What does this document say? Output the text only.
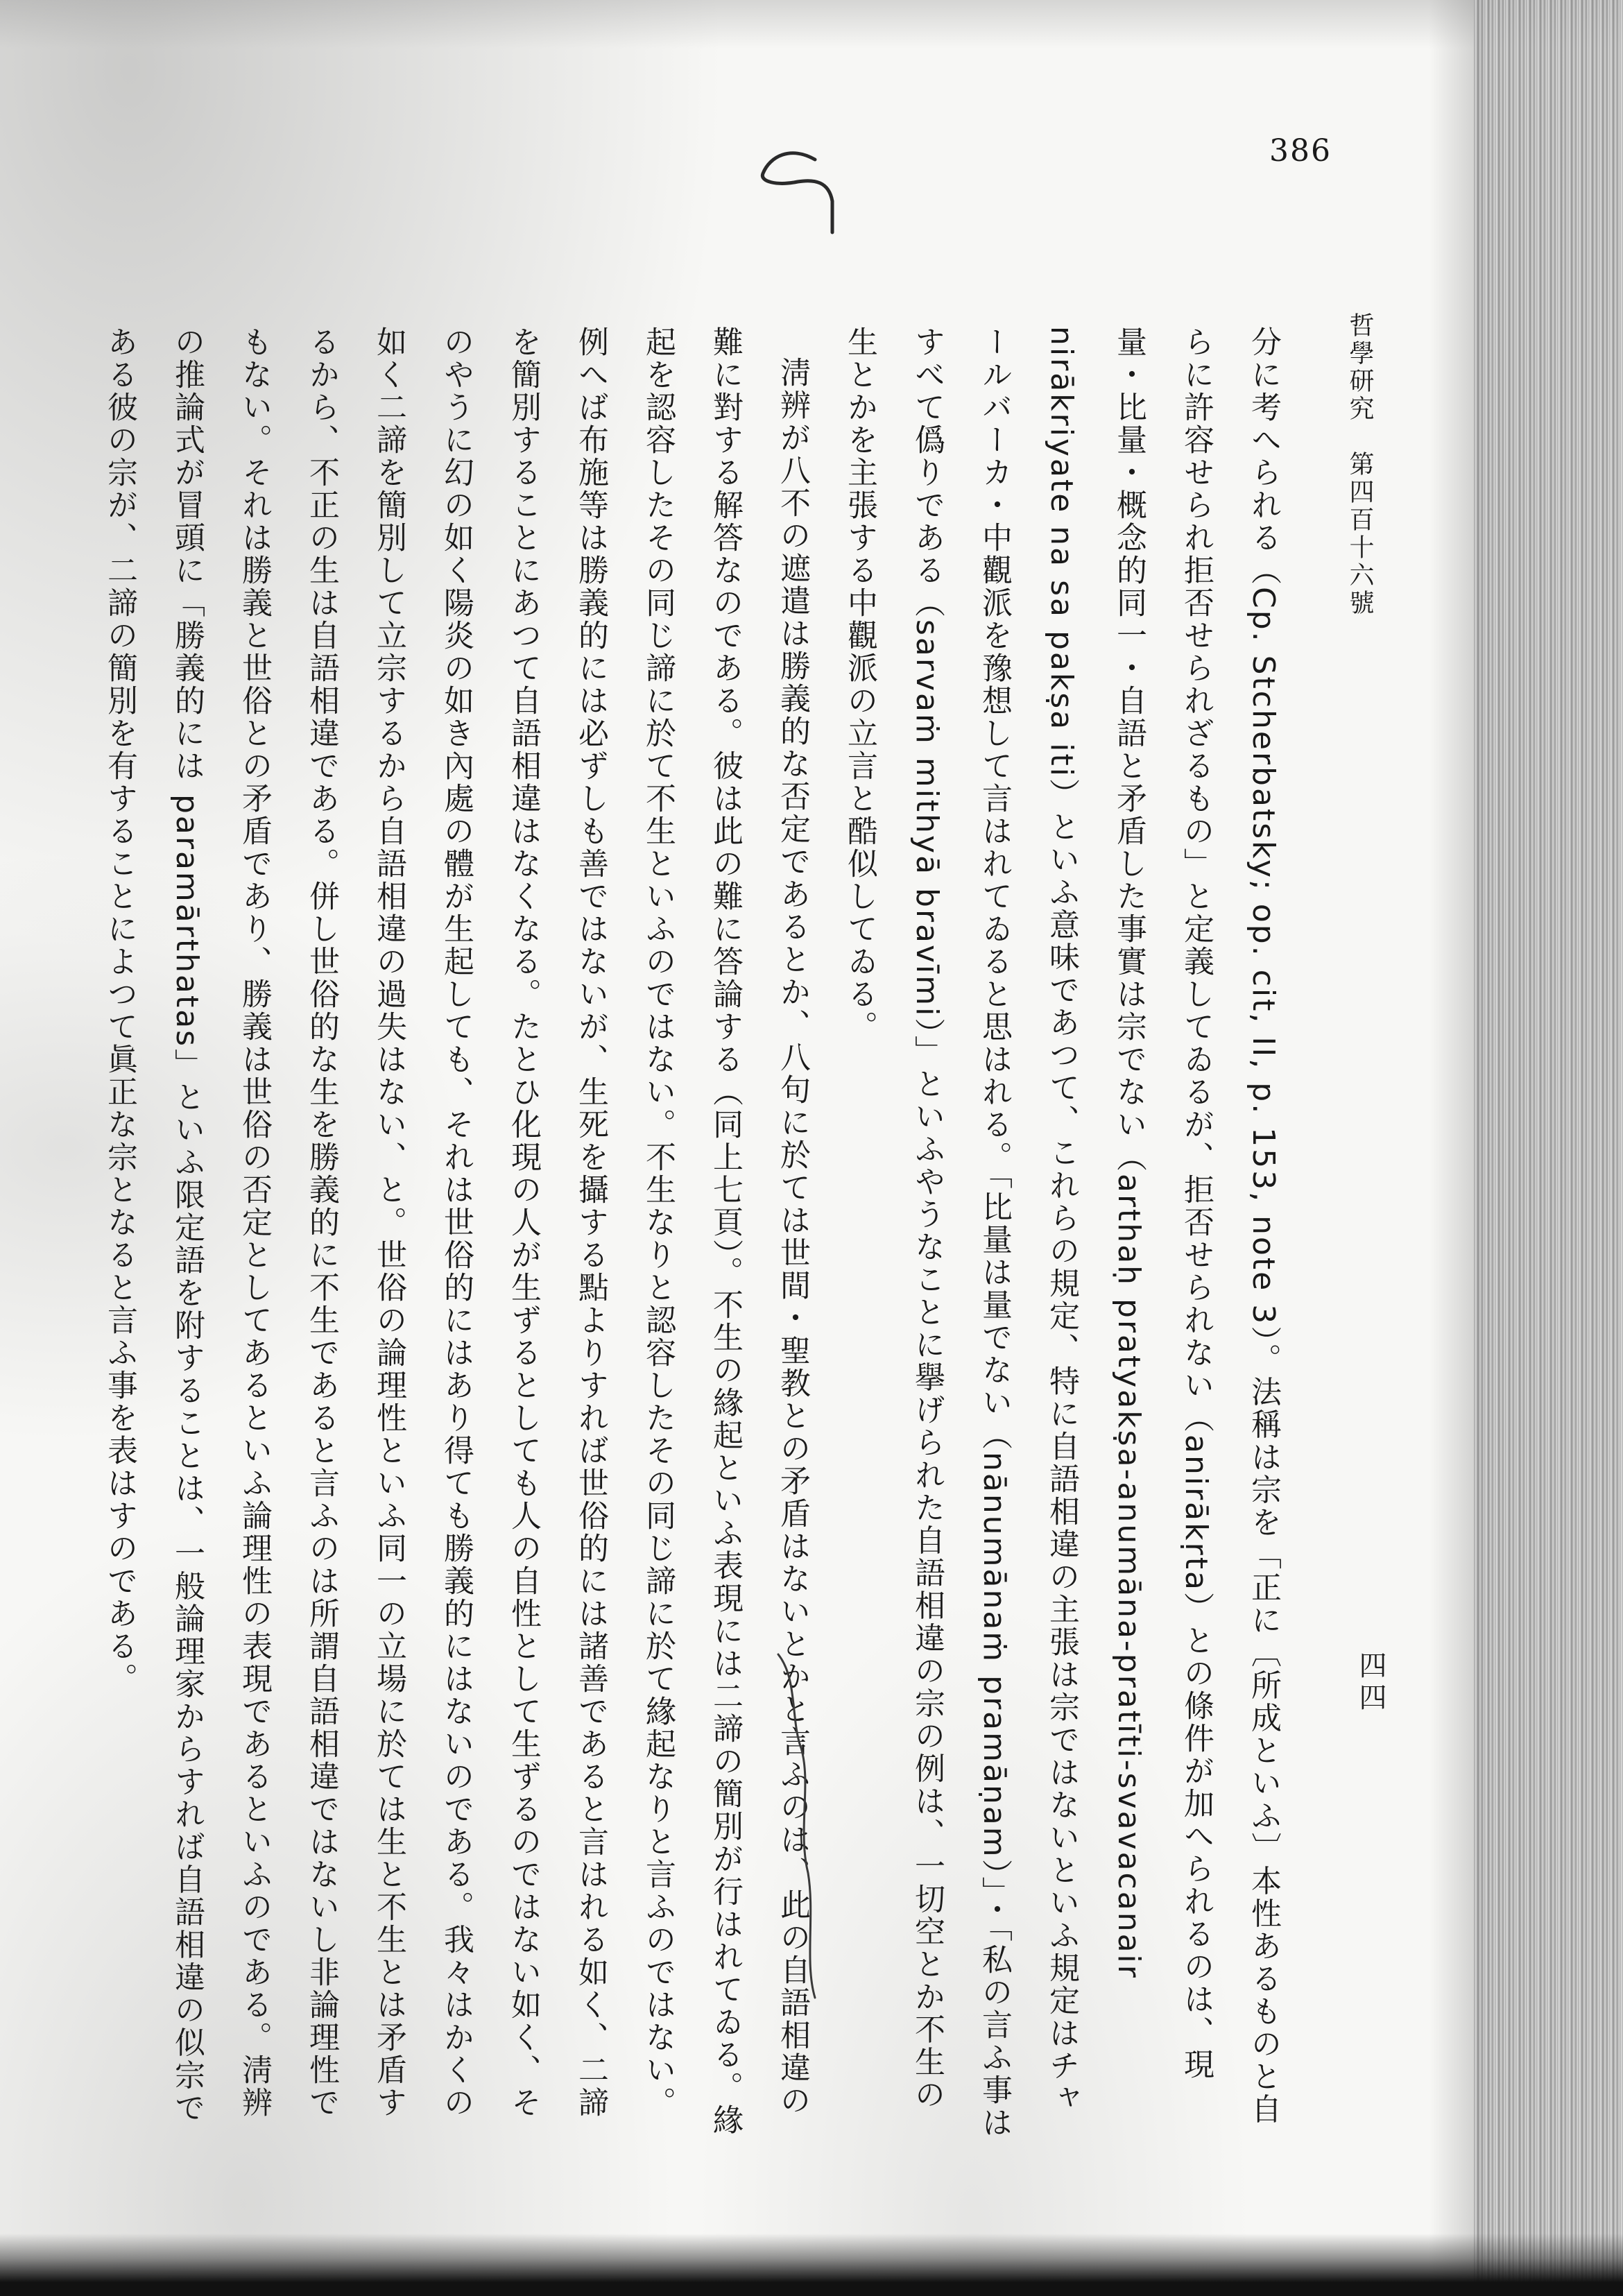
386
哲學研究　第四百十六號
四四

分に考へられる（Cp. Stcherbatsky; op. cit, II, p. 153, note 3）。法稱は宗を「正に〔所成といふ〕本性あるものと自らに許容せられ拒否せられざるもの」と定義してゐるが、拒否せられない（anirākṛta）との條件が加へられるのは、現量・比量・概念的同一・自語と矛盾した事實は宗でない（arthaḥ pratyakṣa-anumāna-pratīti-svavacanair nirākriyate na sa pakṣa iti）といふ意味であつて、これらの規定、特に自語相違の主張は宗ではないといふ規定はチャールバーカ・中觀派を豫想して言はれてゐると思はれる。「比量は量でない（nānumānaṁ pramāṇam）」・「私の言ふ事はすべて僞りである（sarvaṁ mithyā bravīmi）」といふやうなことに擧げられた自語相違の宗の例は、一切空とか不生の生とかを主張する中觀派の立言と酷似してゐる。

淸辨が八不の遮遣は勝義的な否定であるとか、八句に於ては世間・聖教との矛盾はないとかと言ふのは、此の自語相違の難に對する解答なのである。彼は此の難に答論する（同上七頁）。不生の緣起といふ表現には二諦の簡別が行はれてゐる。緣起を認容したその同じ諦に於て不生といふのではない。不生なりと認容したその同じ諦に於て緣起なりと言ふのではない。例へば布施等は勝義的には必ずしも善ではないが、生死を攝する點よりすれば世俗的には諸善であると言はれる如く、二諦を簡別することにあつて自語相違はなくなる。たとひ化現の人が生ずるとしても人の自性として生ずるのではない如く、そのやうに幻の如く陽炎の如き內處の體が生起しても、それは世俗的にはあり得ても勝義的にはないのである。我々はかくの如く二諦を簡別して立宗するから自語相違の過失はない、と。世俗の論理性といふ同一の立場に於ては生と不生とは矛盾するから、不正の生は自語相違である。併し世俗的な生を勝義的に不生であると言ふのは所謂自語相違ではないし非論理性でもない。それは勝義と世俗との矛盾であり、勝義は世俗の否定としてあるといふ論理性の表現であるといふのである。淸辨の推論式が冒頭に「勝義的には paramārthatas」といふ限定語を附することは、一般論理家からすれば自語相違の似宗である彼の宗が、二諦の簡別を有することによつて眞正な宗となると言ふ事を表はすのである。
